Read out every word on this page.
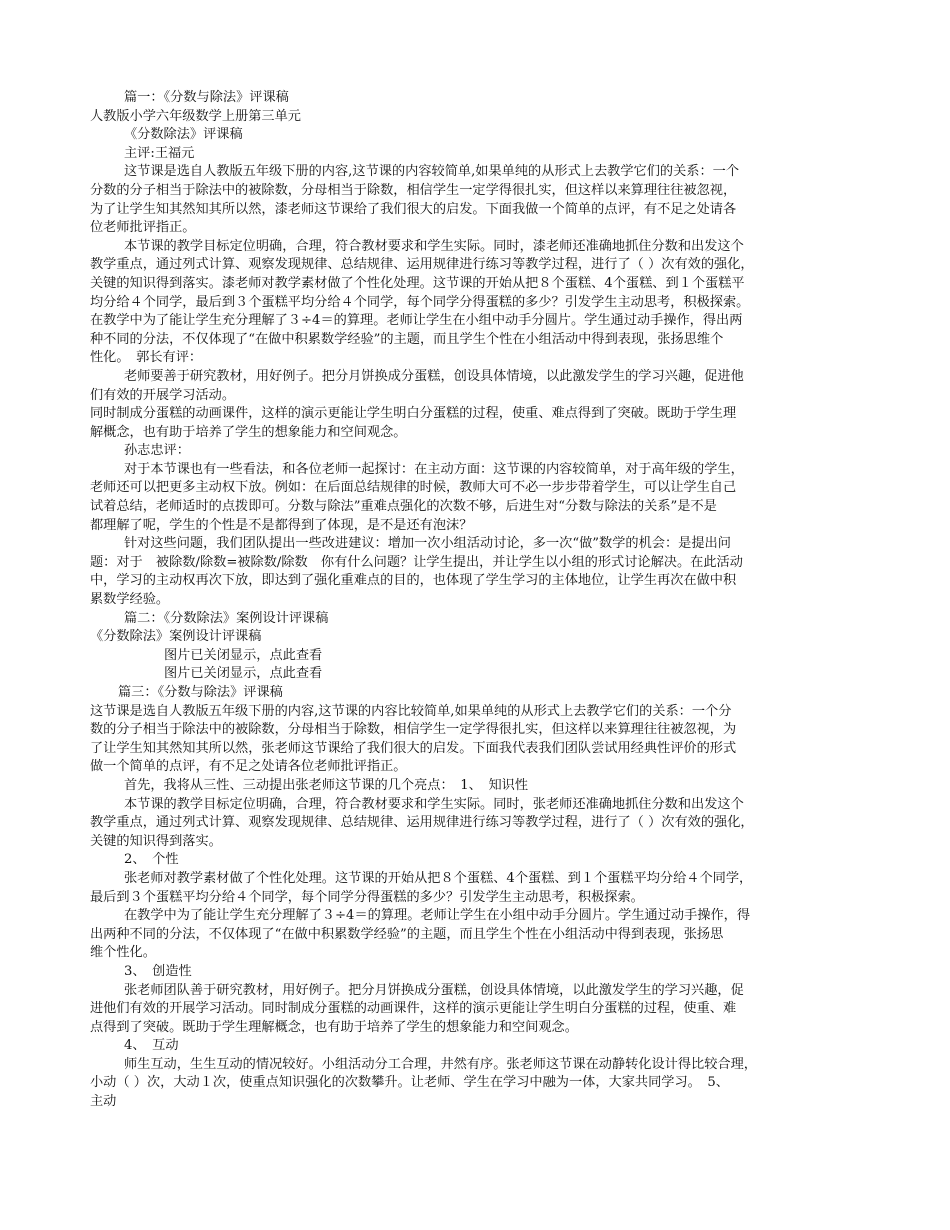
篇一：《分数与除法》评课稿

人教版小学六年级数学上册第三单元

《分数除法》评课稿

主评:王福元

这节课是选自人教版五年级下册的内容,这节课的内容较简单,如果单纯的从形式上去教学它们的关系：一个

分数的分子相当于除法中的被除数，分母相当于除数，相信学生一定学得很扎实，但这样以来算理往往被忽视，

为了让学生知其然知其所以然，漆老师这节课给了我们很大的启发。下面我做一个简单的点评，有不足之处请各

位老师批评指正。

本节课的教学目标定位明确，合理，符合教材要求和学生实际。同时，漆老师还准确地抓住分数和出发这个

教学重点，通过列式计算、观察发现规律、总结规律、运用规律进行练习等教学过程，进行了（ ）次有效的强化，

关键的知识得到落实。漆老师对教学素材做了个性化处理。这节课的开始从把８个蛋糕、4个蛋糕、到１个蛋糕平

均分给４个同学，最后到３个蛋糕平均分给４个同学，每个同学分得蛋糕的多少？引发学生主动思考，积极探索。

在教学中为了能让学生充分理解了３÷4＝的算理。老师让学生在小组中动手分圆片。学生通过动手操作，得出两

种不同的分法，不仅体现了“在做中积累数学经验”的主题，而且学生个性在小组活动中得到表现，张扬思维个

性化。　郭长有评：

老师要善于研究教材，用好例子。把分月饼换成分蛋糕，创设具体情境，以此激发学生的学习兴趣，促进他

们有效的开展学习活动。

同时制成分蛋糕的动画课件，这样的演示更能让学生明白分蛋糕的过程，使重、难点得到了突破。既助于学生理

解概念，也有助于培养了学生的想象能力和空间观念。

孙志忠评：

对于本节课也有一些看法，和各位老师一起探讨：在主动方面：这节课的内容较简单，对于高年级的学生，

老师还可以把更多主动权下放。例如：在后面总结规律的时候，教师大可不必一步步带着学生，可以让学生自己

试着总结，老师适时的点拨即可。分数与除法”重难点强化的次数不够，后进生对“分数与除法的关系”是不是

都理解了呢，学生的个性是不是都得到了体现，是不是还有泡沫？

针对这些问题，我们团队提出一些改进建议：增加一次小组活动讨论，多一次“做”数学的机会：是提出问

题：对于　被除数/除数=被除数/除数　你有什么问题？让学生提出，并让学生以小组的形式讨论解决。在此活动

中，学习的主动权再次下放，即达到了强化重难点的目的，也体现了学生学习的主体地位，让学生再次在做中积

累数学经验。

篇二：《分数除法》案例设计评课稿

《分数除法》案例设计评课稿

图片已关闭显示，点此查看

图片已关闭显示，点此查看

篇三：《分数与除法》评课稿

这节课是选自人教版五年级下册的内容,这节课的内容比较简单,如果单纯的从形式上去教学它们的关系：一个分

数的分子相当于除法中的被除数，分母相当于除数，相信学生一定学得很扎实，但这样以来算理往往被忽视，为

了让学生知其然知其所以然，张老师这节课给了我们很大的启发。下面我代表我们团队尝试用经典性评价的形式

做一个简单的点评，有不足之处请各位老师批评指正。

首先，我将从三性、三动提出张老师这节课的几个亮点：　1、　知识性

本节课的教学目标定位明确，合理，符合教材要求和学生实际。同时，张老师还准确地抓住分数和出发这个

教学重点，通过列式计算、观察发现规律、总结规律、运用规律进行练习等教学过程，进行了（ ）次有效的强化，

关键的知识得到落实。

2、　个性

张老师对教学素材做了个性化处理。这节课的开始从把８个蛋糕、4个蛋糕、到１个蛋糕平均分给４个同学，

最后到３个蛋糕平均分给４个同学，每个同学分得蛋糕的多少？引发学生主动思考，积极探索。

在教学中为了能让学生充分理解了３÷4＝的算理。老师让学生在小组中动手分圆片。学生通过动手操作，得

出两种不同的分法，不仅体现了“在做中积累数学经验”的主题，而且学生个性在小组活动中得到表现，张扬思

维个性化。

3、　创造性

张老师团队善于研究教材，用好例子。把分月饼换成分蛋糕，创设具体情境，以此激发学生的学习兴趣，促

进他们有效的开展学习活动。同时制成分蛋糕的动画课件，这样的演示更能让学生明白分蛋糕的过程，使重、难

点得到了突破。既助于学生理解概念，也有助于培养了学生的想象能力和空间观念。

4、　互动

师生互动，生生互动的情况较好。小组活动分工合理，井然有序。张老师这节课在动静转化设计得比较合理，

小动（ ）次，大动１次，使重点知识强化的次数攀升。让老师、学生在学习中融为一体，大家共同学习。　5、

主动
